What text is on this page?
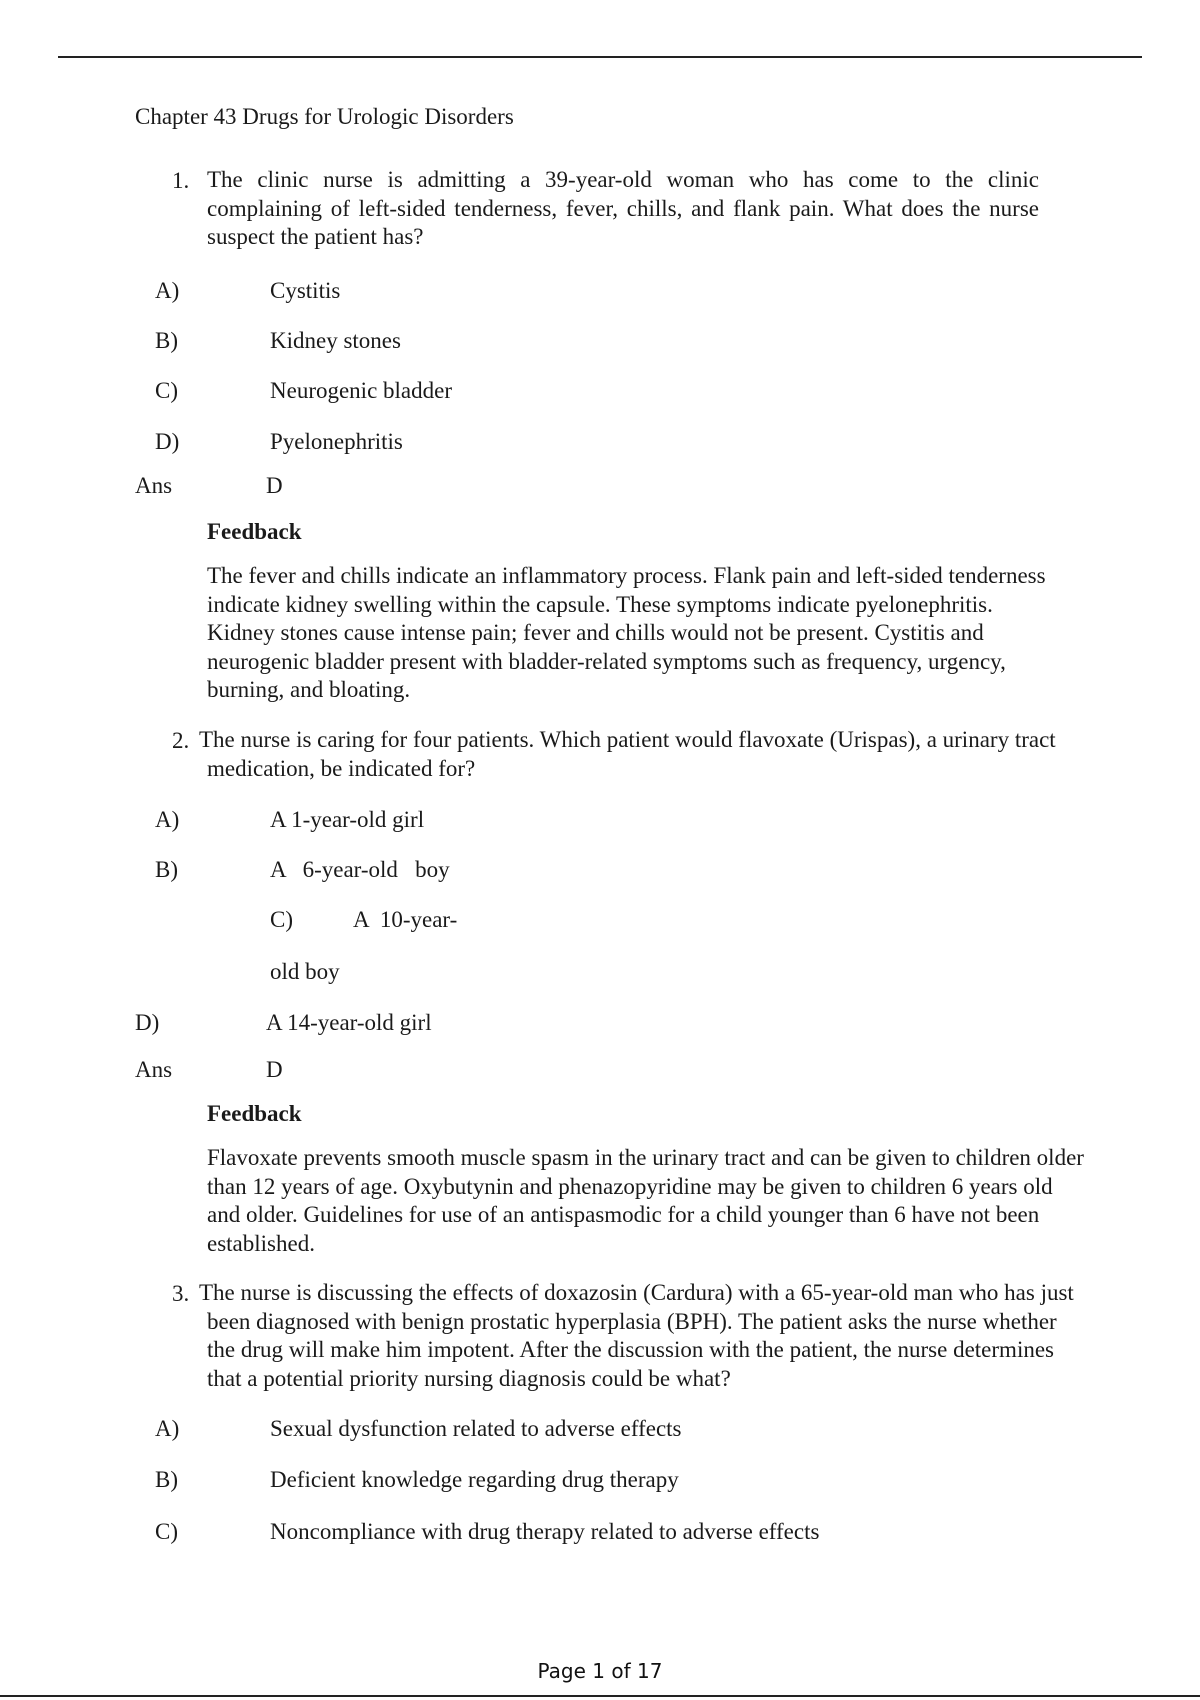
Chapter 43 Drugs for Urologic Disorders
1. The clinic nurse is admitting a 39-year-old woman who has come to the clinic complaining of left-sided tenderness, fever, chills, and flank pain. What does the nurse suspect the patient has?
A)	Cystitis
B)	Kidney stones
C)	Neurogenic bladder
D)	Pyelonephritis
Ans	D
Feedback
The fever and chills indicate an inflammatory process. Flank pain and left-sided tenderness indicate kidney swelling within the capsule. These symptoms indicate pyelonephritis. Kidney stones cause intense pain; fever and chills would not be present. Cystitis and neurogenic bladder present with bladder-related symptoms such as frequency, urgency, burning, and bloating.
2. The nurse is caring for four patients. Which patient would flavoxate (Urispas), a urinary tract medication, be indicated for?
A)	A 1-year-old girl
B)	A   6-year-old   boy
C)	A  10-year-
old boy
D)	A 14-year-old girl
Ans	D
Feedback
Flavoxate prevents smooth muscle spasm in the urinary tract and can be given to children older than 12 years of age. Oxybutynin and phenazopyridine may be given to children 6 years old and older. Guidelines for use of an antispasmodic for a child younger than 6 have not been established.
3. The nurse is discussing the effects of doxazosin (Cardura) with a 65-year-old man who has just been diagnosed with benign prostatic hyperplasia (BPH). The patient asks the nurse whether the drug will make him impotent. After the discussion with the patient, the nurse determines that a potential priority nursing diagnosis could be what?
A)	Sexual dysfunction related to adverse effects
B)	Deficient knowledge regarding drug therapy
C)	Noncompliance with drug therapy related to adverse effects
Page 1 of 17
